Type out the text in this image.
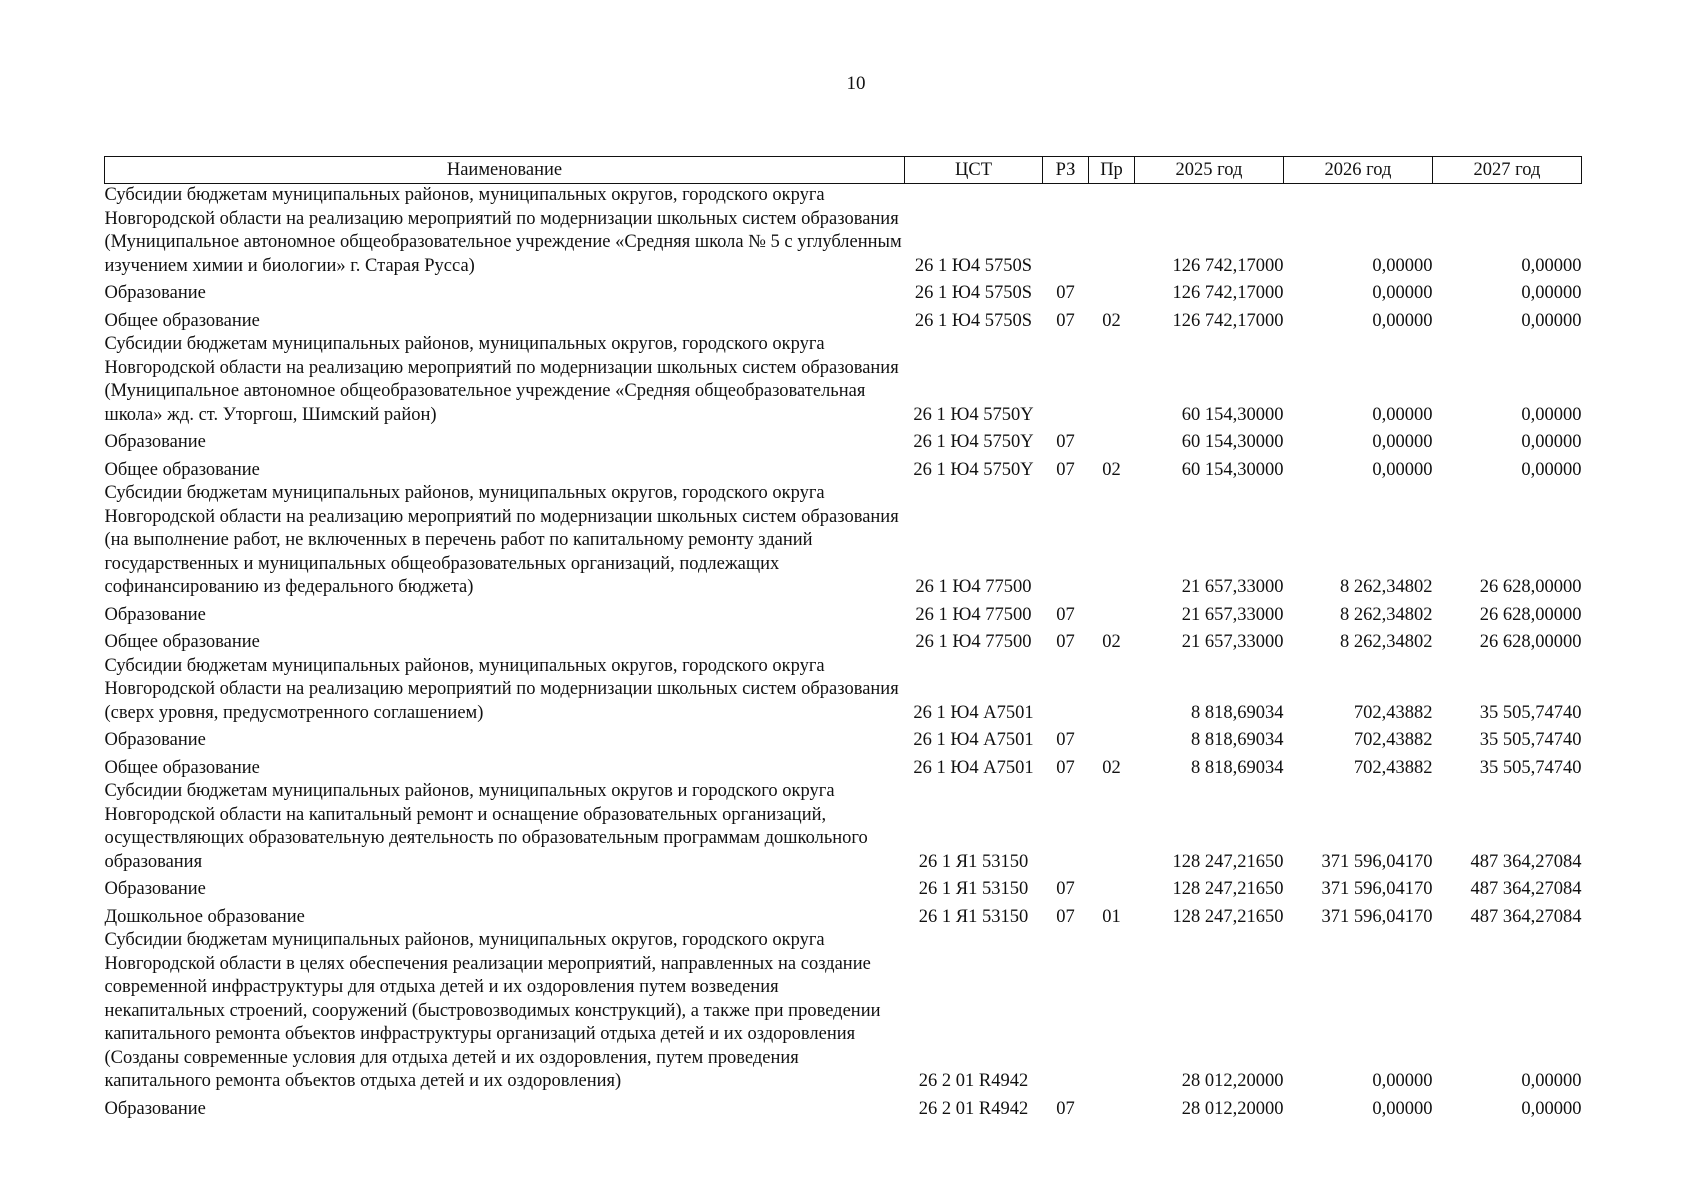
10
Наименование	ЦСТ	РЗ	Пр	2025 год	2026 год	2027 год
Субсидии бюджетам муниципальных районов, муниципальных округов, городского округа Новгородской области на реализацию мероприятий по модернизации школьных систем образования (Муниципальное автономное общеобразовательное учреждение «Средняя школа № 5 с углубленным изучением химии и биологии» г. Старая Русса)	26 1 Ю4 5750S			126 742,17000	0,00000	0,00000
Образование	26 1 Ю4 5750S	07		126 742,17000	0,00000	0,00000
Общее образование	26 1 Ю4 5750S	07	02	126 742,17000	0,00000	0,00000
Субсидии бюджетам муниципальных районов, муниципальных округов, городского округа Новгородской области на реализацию мероприятий по модернизации школьных систем образования (Муниципальное автономное общеобразовательное учреждение «Средняя общеобразовательная школа» жд. ст. Уторгош, Шимский район)	26 1 Ю4 5750Y			60 154,30000	0,00000	0,00000
Образование	26 1 Ю4 5750Y	07		60 154,30000	0,00000	0,00000
Общее образование	26 1 Ю4 5750Y	07	02	60 154,30000	0,00000	0,00000
Субсидии бюджетам муниципальных районов, муниципальных округов, городского округа Новгородской области на реализацию мероприятий по модернизации школьных систем образования (на выполнение работ, не включенных в перечень работ по капитальному ремонту зданий государственных и муниципальных общеобразовательных организаций, подлежащих софинансированию из федерального бюджета)	26 1 Ю4 77500			21 657,33000	8 262,34802	26 628,00000
Образование	26 1 Ю4 77500	07		21 657,33000	8 262,34802	26 628,00000
Общее образование	26 1 Ю4 77500	07	02	21 657,33000	8 262,34802	26 628,00000
Субсидии бюджетам муниципальных районов, муниципальных округов, городского округа Новгородской области на реализацию мероприятий по модернизации школьных систем образования (сверх уровня, предусмотренного соглашением)	26 1 Ю4 А7501			8 818,69034	702,43882	35 505,74740
Образование	26 1 Ю4 А7501	07		8 818,69034	702,43882	35 505,74740
Общее образование	26 1 Ю4 А7501	07	02	8 818,69034	702,43882	35 505,74740
Субсидии бюджетам муниципальных районов, муниципальных округов и городского округа Новгородской области на капитальный ремонт и оснащение образовательных организаций, осуществляющих образовательную деятельность по образовательным программам дошкольного образования	26 1 Я1 53150			128 247,21650	371 596,04170	487 364,27084
Образование	26 1 Я1 53150	07		128 247,21650	371 596,04170	487 364,27084
Дошкольное образование	26 1 Я1 53150	07	01	128 247,21650	371 596,04170	487 364,27084
Субсидии бюджетам муниципальных районов, муниципальных округов, городского округа Новгородской области в целях обеспечения реализации мероприятий, направленных на создание современной инфраструктуры для отдыха детей и их оздоровления путем возведения некапитальных строений, сооружений (быстровозводимых конструкций), а также при проведении капитального ремонта объектов инфраструктуры организаций отдыха детей и их оздоровления (Созданы современные условия для отдыха детей и их оздоровления, путем проведения капитального ремонта объектов отдыха детей и их оздоровления)	26 2 01 R4942			28 012,20000	0,00000	0,00000
Образование	26 2 01 R4942	07		28 012,20000	0,00000	0,00000
